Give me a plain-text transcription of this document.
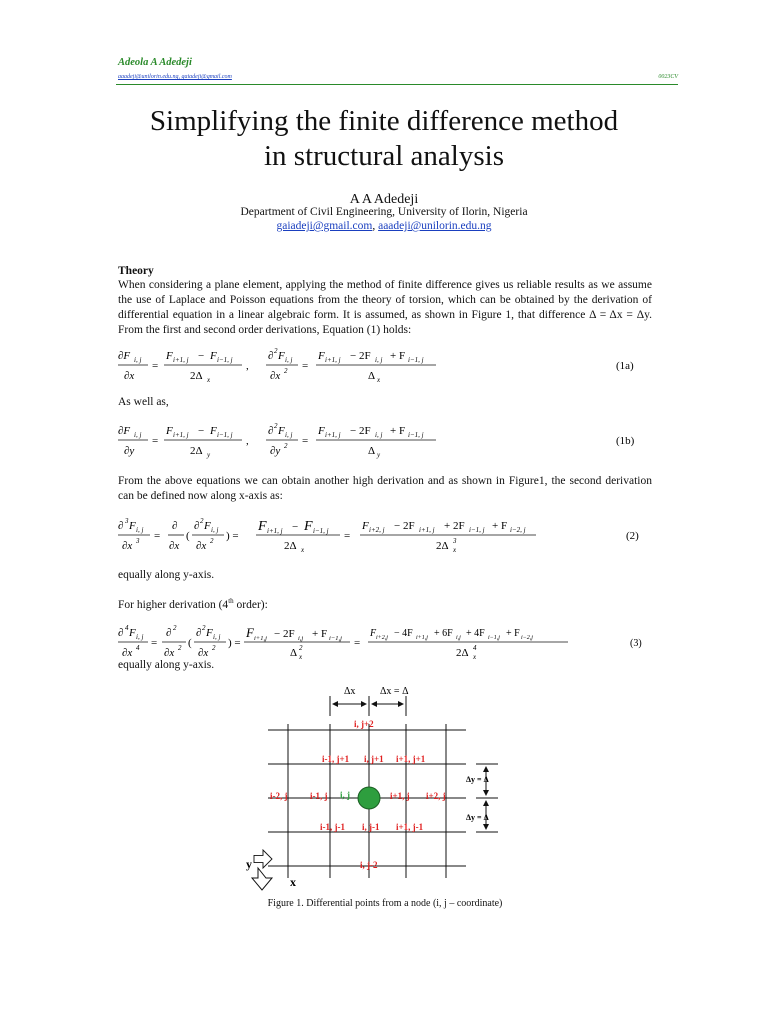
Adeola A Adedeji
aaadeji@unilorin.edu.ng, gaiadeji@gmail.com	0023CV
Simplifying the finite difference method
in structural analysis
A A Adedeji
Department of Civil Engineering, University of Ilorin, Nigeria
gaiadeji@gmail.com, aaadeji@unilorin.edu.ng
Theory
When considering a plane element, applying the method of finite difference gives us reliable results as we assume the use of Laplace and Poisson equations from the theory of torsion, which can be obtained by the derivation of differential equation in a linear algebraic form. It is assumed, as shown in Figure 1, that difference Δ = Δx = Δy. From the first and second order derivations, Equation (1) holds:
∂F i, j
∂x
=
F i+1, j − F i−1, j
2Δ x
,
∂ 2 F i, j
∂x 2 =
F i+1, j − 2F i, j + F i−1, j
Δ x
(1a)
As well as,
∂F i, j
∂y
=
F i+1, j − F i−1, j
2Δ y
,
∂ 2 F i, j
∂y 2 =
F i+1, j − 2F i, j + F i−1, j
Δ y
(1b)
From the above equations we can obtain another high derivation and as shown in Figure1, the second derivation can be defined now along x-axis as:
∂ 3 F i, j
∂x 3 =
∂
∂x
(
∂ 2 F i, j
∂x 2 ) =
F i+1, j − F i−1, j
2Δ x
=
F i+2, j − 2F i+1, j + 2F i−1, j + F i−2, j
2Δ x
3	(2)
equally along y-axis.
For higher derivation (4th order):
∂ 4 F i, j
∂x 4 =
∂ 2
∂x 2 (
∂ 2 F i, j
∂x 2 ) =
F i+1,j − 2F i,j + F i−1,j
Δ x
2	=
F i+2,j − 4F i+1,j + 6F i,j + 4F i−1,j + F i−2,j
2Δ x
4	(3)
equally along y-axis.
Δx Δx = Δ
Δy = Δ
Δy = Δ
i, j+2
i-1, j+1 i, j+1 i+1, j+1
i-2, j	i-1, j	i+1, j i+2, j
i-1, j-1 i, j-1 i+1, j-1
i, j-2
i, j
y
x
Figure 1. Differential points from a node (i, j – coordinate)
